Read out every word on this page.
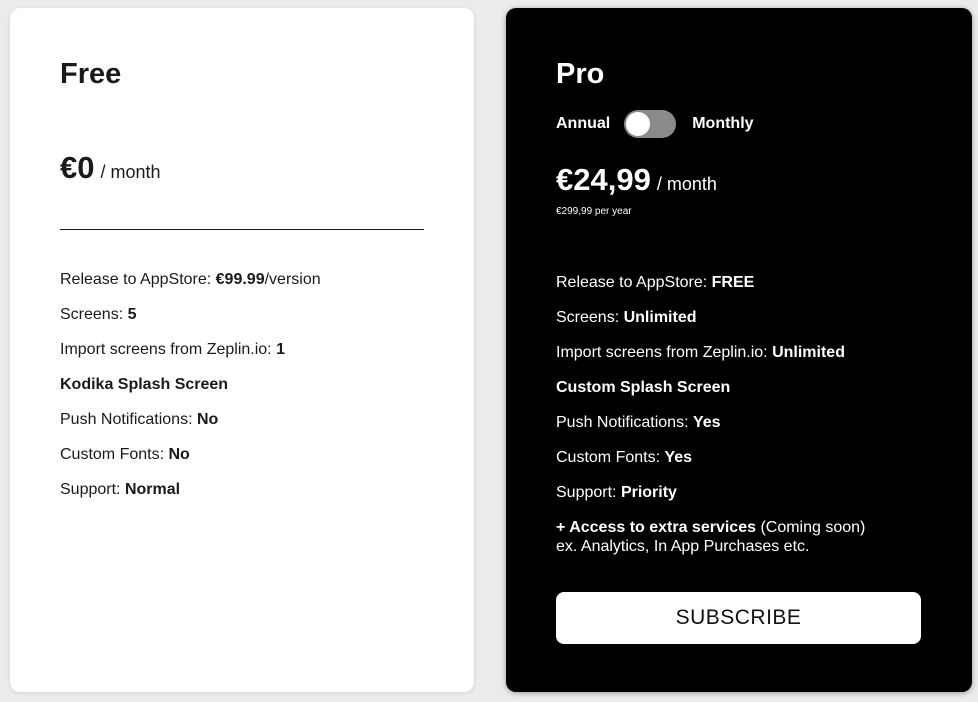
Free
€0 / month
Release to AppStore: €99.99/version
Screens: 5
Import screens from Zeplin.io: 1
Kodika Splash Screen
Push Notifications: No
Custom Fonts: No
Support: Normal
Pro
Annual	Monthly
€24,99 / month
€299,99 per year
Release to AppStore: FREE
Screens: Unlimited
Import screens from Zeplin.io: Unlimited
Custom Splash Screen
Push Notifications: Yes
Custom Fonts: Yes
Support: Priority
+ Access to extra services (Coming soon)
ex. Analytics, In App Purchases etc.
SUBSCRIBE
